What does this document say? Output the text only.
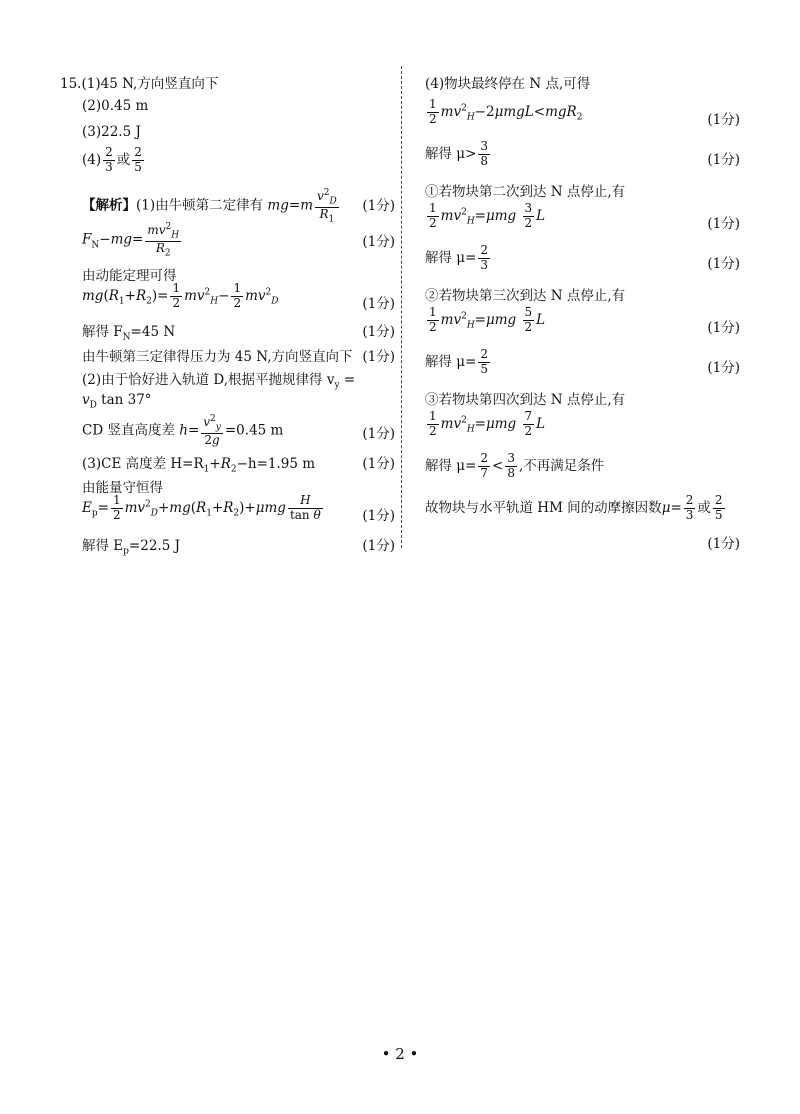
15.(1)45 N,方向竖直向下
(2)0.45 m
(3)22.5 J
$(4) \frac{2}{3}$ 或 $\frac{2}{5}$
【解析】(1)由牛顿第二定律有 $mg=m \frac{v^2_D}{R_1} (1$分)
$F_N-mg= \frac{mv^2_H}{R_2}$	(1分)
由动能定理可得
$mg(R_1+R_2)= \frac{1}{2} mv^2_H- \frac{1}{2} mv^2_D$	(1分)
解得 $F_N=45$ N	(1分)
由牛顿第三定律得压力为 45 N,方向竖直向下 (1分)
(2)由于恰好进入轨道 D,根据平抛规律得 $v_y$ =
$v_D$ tan 37°
CD 竖直高度差 $h= \frac{v^2_y}{2g} =0.45$ m	(1分)
(3)CE 高度差 $H=R_1+R_2-h=1.95$ m	(1分)
由能量守恒得
$E_p= \frac{1}{2} mv^2_D+mg(R_1+R_2)+\mu mg \frac{H}{\text{tan θ}}$	(1分)
解得 $E_p=22.5$ J	(1分)
(4)物块最终停在 N 点,可得
$\frac{1}{2} mv^2_H-2\mu mgL<mgR_2$	(1分)
解得 $\mu> \frac{3}{8}$	(1分)
①若物块第二次到达 N 点停止,有
$\frac{1}{2} mv^2_H=\mu mg \frac{3}{2}$ L
(1分)
解得 $\mu= \frac{2}{3}$	(1分)
②若物块第三次到达 N 点停止,有
$\frac{1}{2} mv^2_H=\mu mg \frac{5}{2}$ L
(1分)
解得 $\mu= \frac{2}{5}$	(1分)
③若物块第四次到达 N 点停止,有
$\frac{1}{2} mv^2_H=\mu mg \frac{7}{2}$ L
解得 $\mu= \frac{2}{7} < \frac{3}{8}$ ,不再满足条件
故物块与水平轨道 HM 间的动摩擦因数$\mu= \frac{2}{3}$ 或 $\frac{2}{5}$
(1分)
• 2 •
